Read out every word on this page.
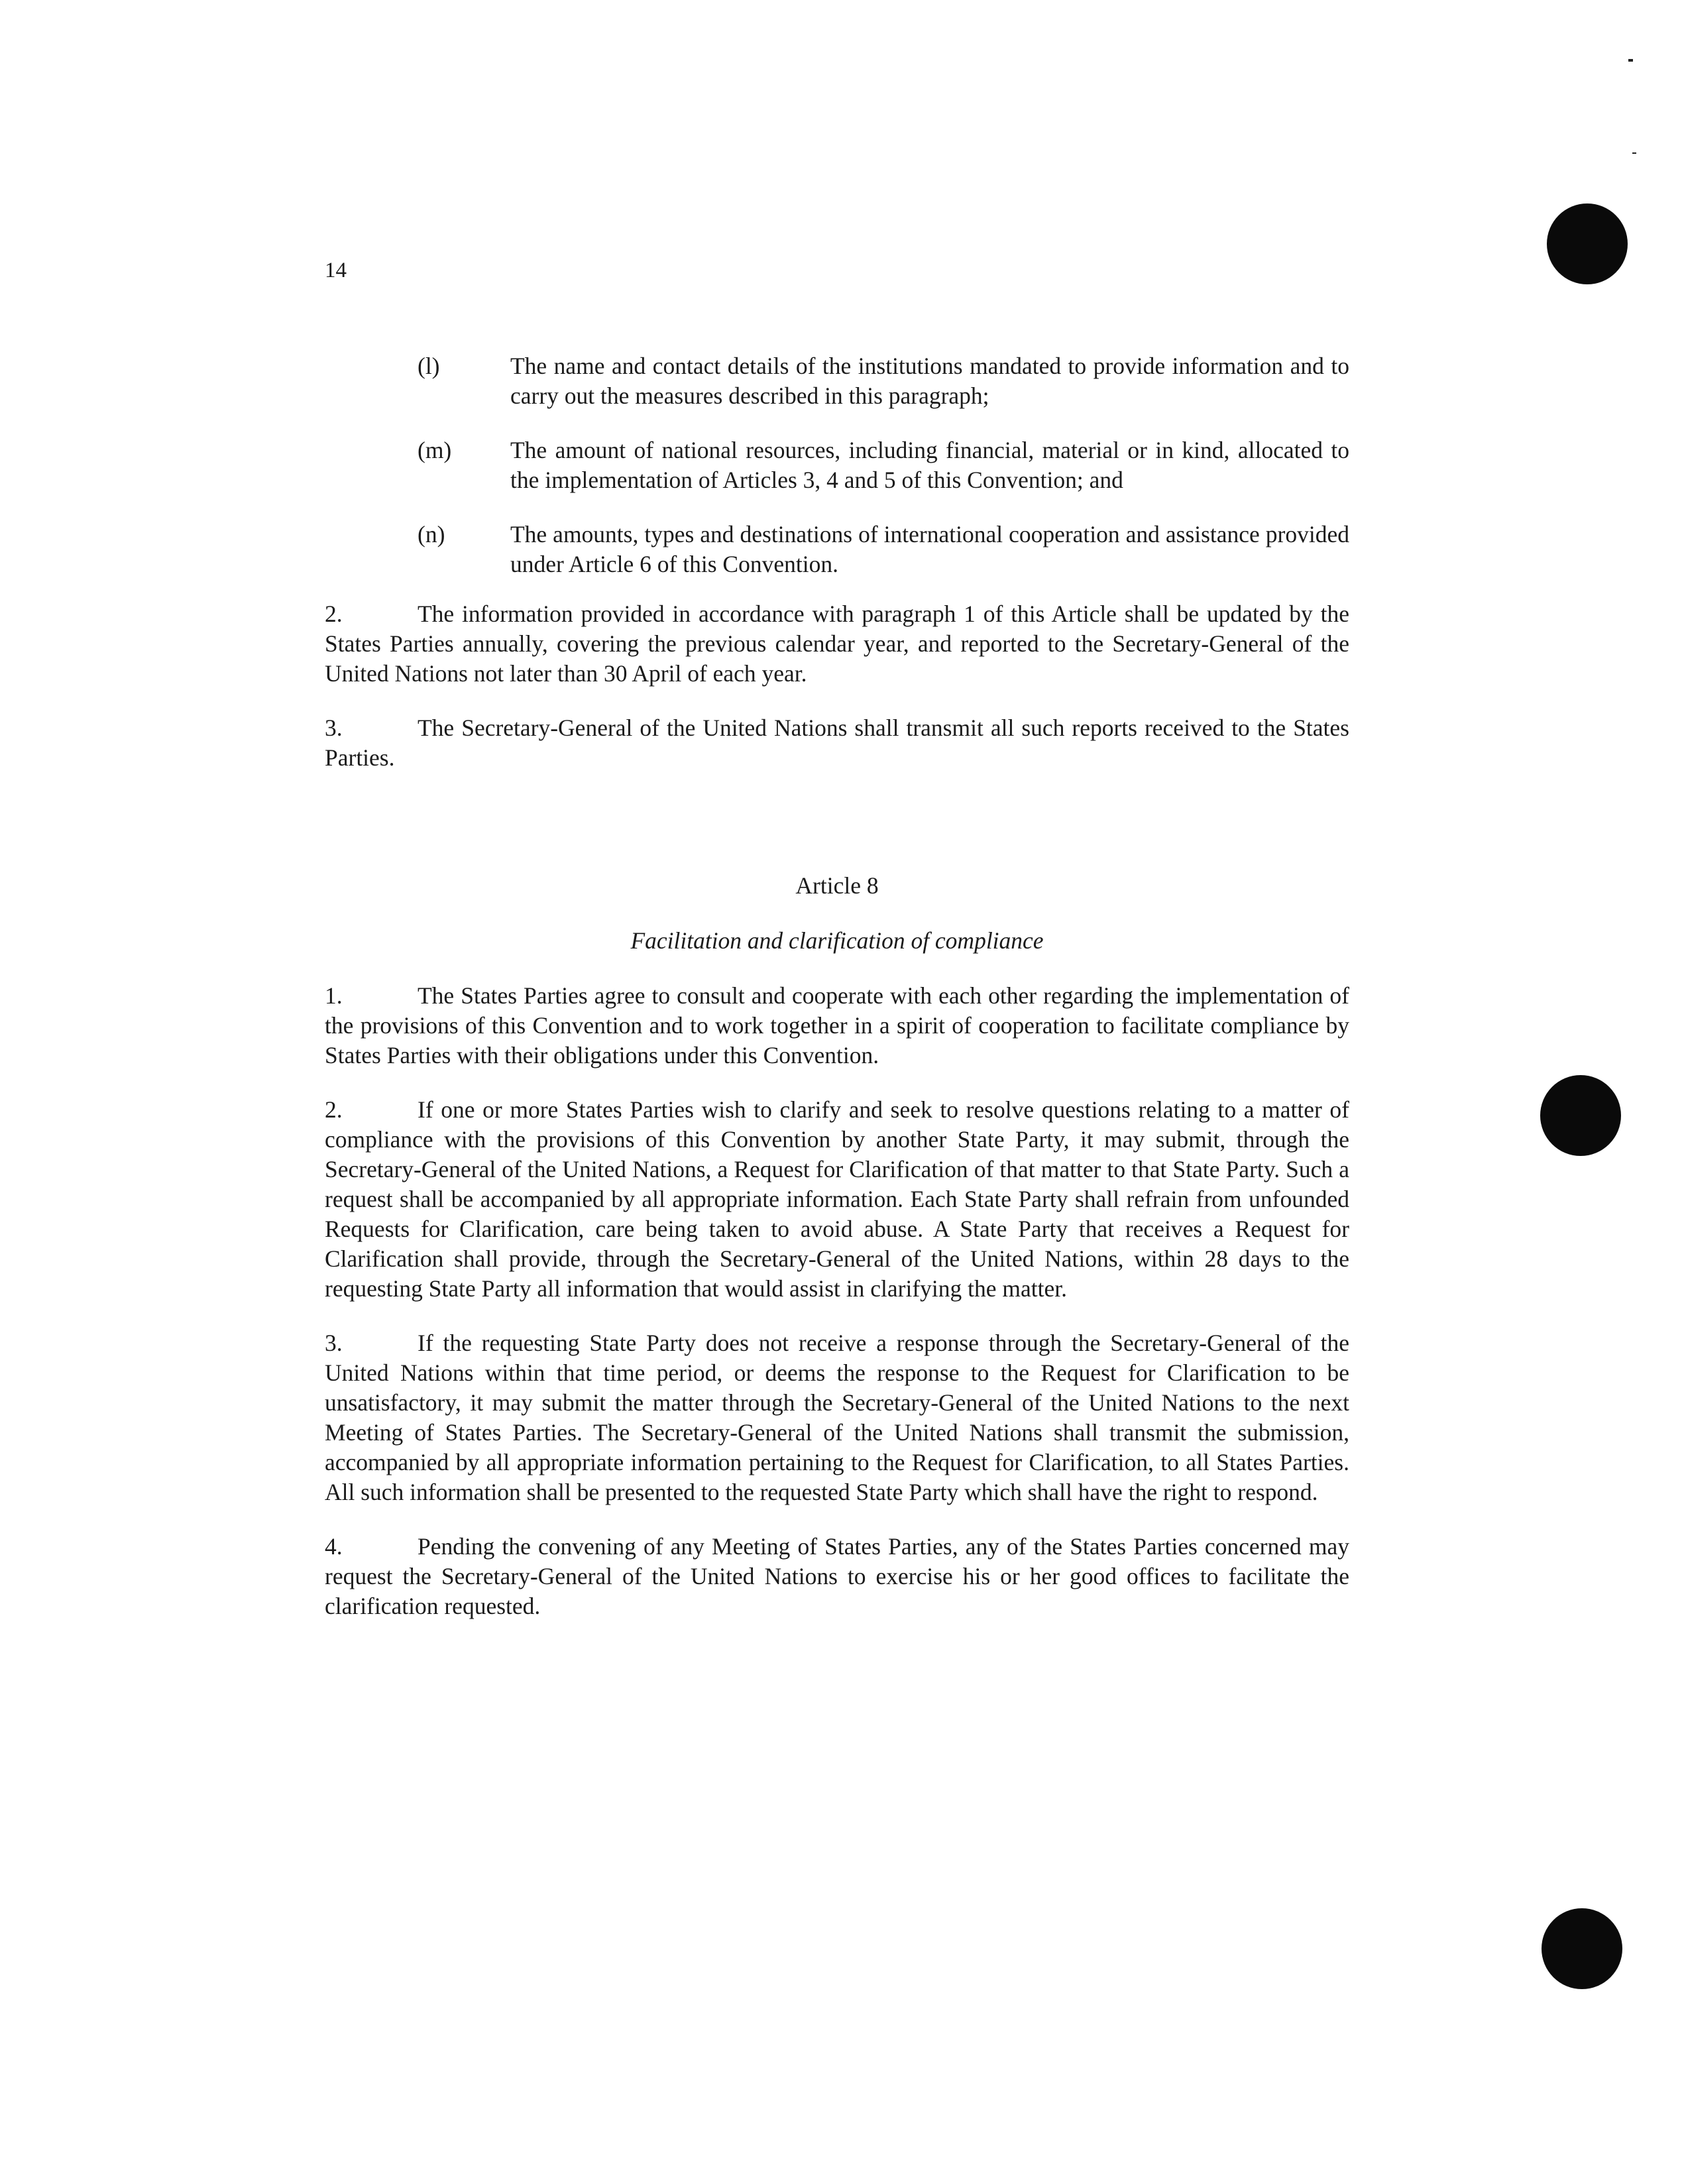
14
(l)	The name and contact details of the institutions mandated to provide information and to carry out the measures described in this paragraph;
(m)	The amount of national resources, including financial, material or in kind, allocated to the implementation of Articles 3, 4 and 5 of this Convention; and
(n)	The amounts, types and destinations of international cooperation and assistance provided under Article 6 of this Convention.

2.	The information provided in accordance with paragraph 1 of this Article shall be updated by the States Parties annually, covering the previous calendar year, and reported to the Secretary-General of the United Nations not later than 30 April of each year.

3.	The Secretary-General of the United Nations shall transmit all such reports received to the States Parties.

Article 8
Facilitation and clarification of compliance

1.	The States Parties agree to consult and cooperate with each other regarding the implementation of the provisions of this Convention and to work together in a spirit of cooperation to facilitate compliance by States Parties with their obligations under this Convention.

2.	If one or more States Parties wish to clarify and seek to resolve questions relating to a matter of compliance with the provisions of this Convention by another State Party, it may submit, through the Secretary-General of the United Nations, a Request for Clarification of that matter to that State Party. Such a request shall be accompanied by all appropriate information. Each State Party shall refrain from unfounded Requests for Clarification, care being taken to avoid abuse. A State Party that receives a Request for Clarification shall provide, through the Secretary-General of the United Nations, within 28 days to the requesting State Party all information that would assist in clarifying the matter.

3.	If the requesting State Party does not receive a response through the Secretary-General of the United Nations within that time period, or deems the response to the Request for Clarification to be unsatisfactory, it may submit the matter through the Secretary-General of the United Nations to the next Meeting of States Parties. The Secretary-General of the United Nations shall transmit the submission, accompanied by all appropriate information pertaining to the Request for Clarification, to all States Parties. All such information shall be presented to the requested State Party which shall have the right to respond.

4.	Pending the convening of any Meeting of States Parties, any of the States Parties concerned may request the Secretary-General of the United Nations to exercise his or her good offices to facilitate the clarification requested.
